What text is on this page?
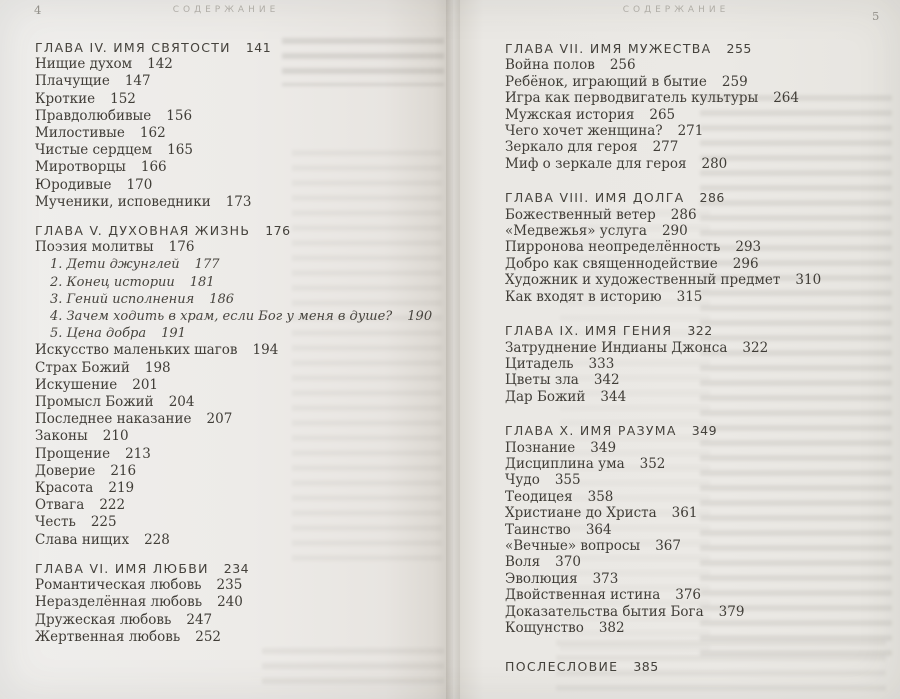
СОДЕРЖАНИЕ	СОДЕРЖАНИЕ
4	5
ГЛАВА IV. ИМЯ СВЯТОСТИ 141
Нищие духом 142
Плачущие 147
Кроткие 152
Правдолюбивые 156
Милостивые 162
Чистые сердцем 165
Миротворцы 166
Юродивые 170
Мученики, исповедники 173
ГЛАВА V. ДУХОВНАЯ ЖИЗНЬ 176
Поэзия молитвы 176
1. Дети джунглей 177
2. Конец истории 181
3. Гений исполнения 186
4. Зачем ходить в храм, если Бог у меня в душе? 190
5. Цена добра 191
Искусство маленьких шагов 194
Страх Божий 198
Искушение 201
Промысл Божий 204
Последнее наказание 207
Законы 210
Прощение 213
Доверие 216
Красота 219
Отвага 222
Честь 225
Слава нищих 228
ГЛАВА VI. ИМЯ ЛЮБВИ 234
Романтическая любовь 235
Неразделённая любовь 240
Дружеская любовь 247
Жертвенная любовь 252
ГЛАВА VII. ИМЯ МУЖЕСТВА 255
Война полов 256
Ребёнок, играющий в бытие 259
Игра как перводвигатель культуры 264
Мужская история 265
Чего хочет женщина? 271
Зеркало для героя 277
Миф о зеркале для героя 280
ГЛАВА VIII. ИМЯ ДОЛГА 286
Божественный ветер 286
«Медвежья» услуга 290
Пирронова неопределённость 293
Добро как священнодействие 296
Художник и художественный предмет 310
Как входят в историю 315
ГЛАВА IX. ИМЯ ГЕНИЯ 322
Затруднение Индианы Джонса 322
Цитадель 333
Цветы зла 342
Дар Божий 344
ГЛАВА X. ИМЯ РАЗУМА 349
Познание 349
Дисциплина ума 352
Чудо 355
Теодицея 358
Христиане до Христа 361
Таинство 364
«Вечные» вопросы 367
Воля 370
Эволюция 373
Двойственная истина 376
Доказательства бытия Бога 379
Кощунство 382
ПОСЛЕСЛОВИЕ 385
